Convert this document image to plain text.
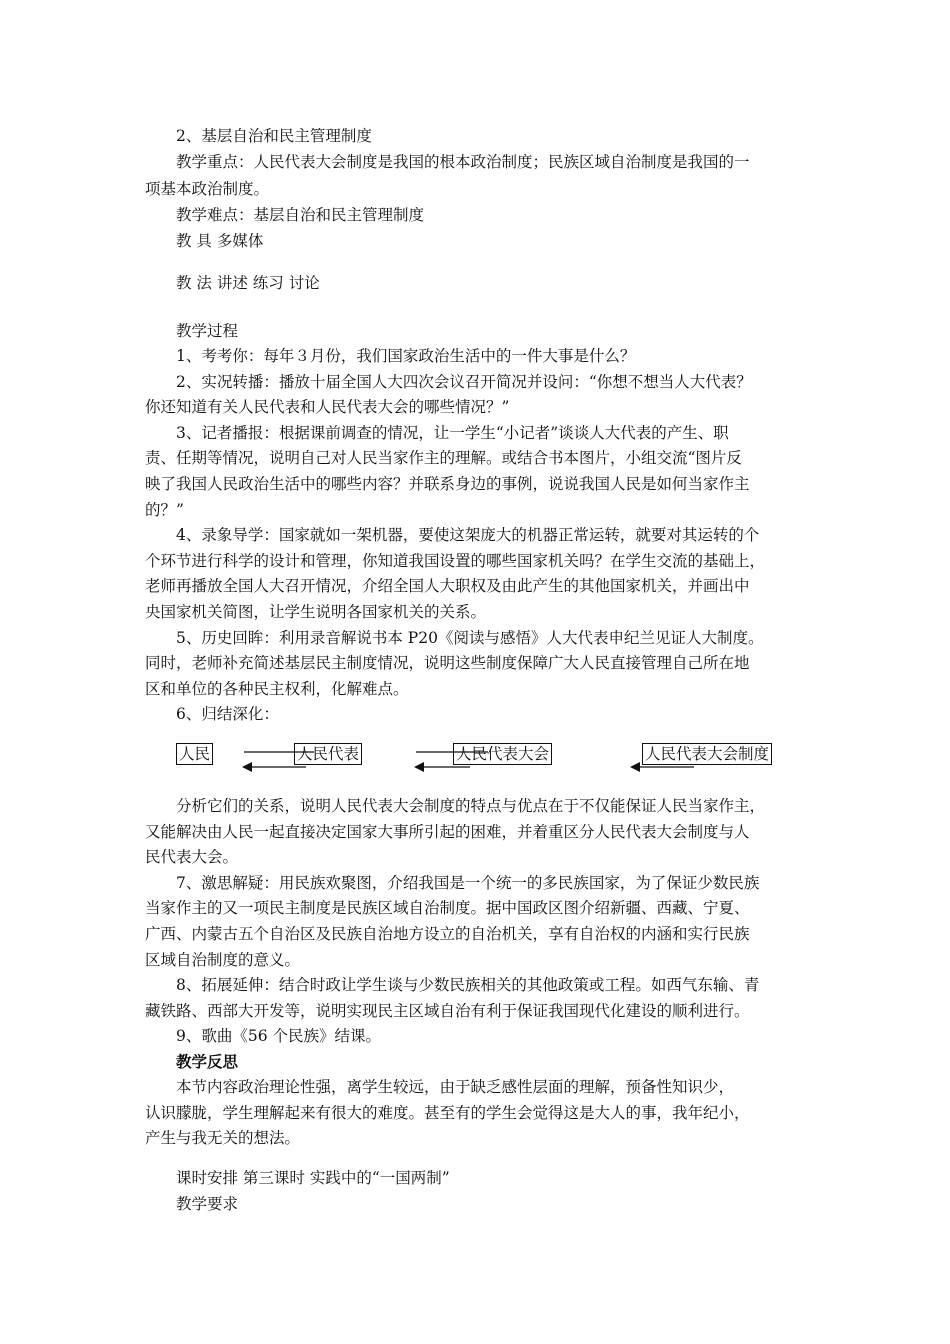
2、基层自治和民主管理制度
教学重点：人民代表大会制度是我国的根本政治制度；民族区域自治制度是我国的一
项基本政治制度。
教学难点：基层自治和民主管理制度
教 具 多媒体
教 法 讲述 练习 讨论
教学过程
1、考考你：每年３月份，我们国家政治生活中的一件大事是什么？
2、实况转播：播放十届全国人大四次会议召开简况并设问：“你想不想当人大代表？
你还知道有关人民代表和人民代表大会的哪些情况？”
3、记者播报：根据课前调查的情况，让一学生“小记者”谈谈人大代表的产生、职
责、任期等情况，说明自己对人民当家作主的理解。或结合书本图片，小组交流“图片反
映了我国人民政治生活中的哪些内容？并联系身边的事例，说说我国人民是如何当家作主
的？”
4、录象导学：国家就如一架机器，要使这架庞大的机器正常运转，就要对其运转的个
个环节进行科学的设计和管理，你知道我国设置的哪些国家机关吗？在学生交流的基础上，
老师再播放全国人大召开情况，介绍全国人大职权及由此产生的其他国家机关，并画出中
央国家机关简图，让学生说明各国家机关的关系。
5、历史回眸：利用录音解说书本 P20《阅读与感悟》人大代表申纪兰见证人大制度。
同时，老师补充简述基层民主制度情况，说明这些制度保障广大人民直接管理自己所在地
区和单位的各种民主权利，化解难点。
6、归结深化：
分析它们的关系，说明人民代表大会制度的特点与优点在于不仅能保证人民当家作主，
又能解决由人民一起直接决定国家大事所引起的困难，并着重区分人民代表大会制度与人
民代表大会。
7、激思解疑：用民族欢聚图，介绍我国是一个统一的多民族国家，为了保证少数民族
当家作主的又一项民主制度是民族区域自治制度。据中国政区图介绍新疆、西藏、宁夏、
广西、内蒙古五个自治区及民族自治地方设立的自治机关，享有自治权的内涵和实行民族
区域自治制度的意义。
8、拓展延伸：结合时政让学生谈与少数民族相关的其他政策或工程。如西气东输、青
藏铁路、西部大开发等，说明实现民主区域自治有利于保证我国现代化建设的顺利进行。
9、歌曲《56 个民族》结课。
教学反思
本节内容政治理论性强，离学生较远，由于缺乏感性层面的理解，预备性知识少，
认识朦胧，学生理解起来有很大的难度。甚至有的学生会觉得这是大人的事，我年纪小，
产生与我无关的想法。
课时安排 第三课时 实践中的“一国两制”
教学要求
人民	人民代表	人民代表大会	人民代表大会制度
